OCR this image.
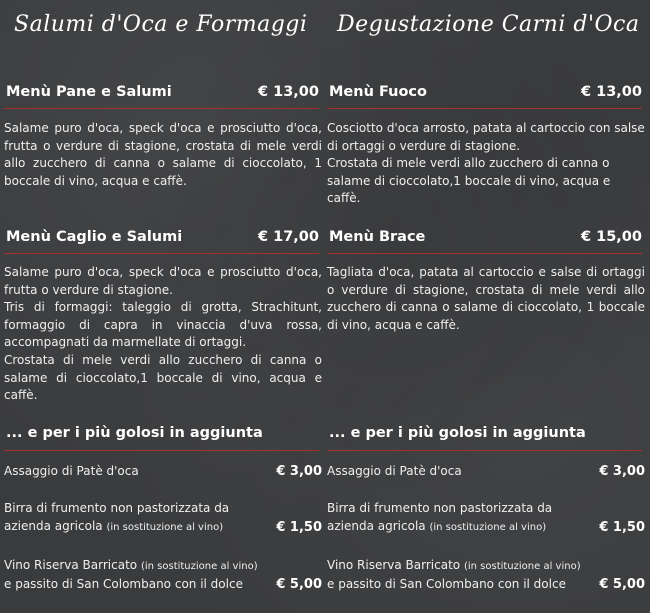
Salumi d'Oca e Formaggi
Menù Pane e Salumi	€ 13,00

Salame puro d'oca, speck d'oca e prosciutto d'oca, frutta o verdure di stagione, crostata di mele verdi allo zucchero di canna o salame di cioccolato, 1 boccale di vino, acqua e caffè.

Menù Caglio e Salumi	€ 17,00

Salame puro d'oca, speck d'oca e prosciutto d'oca, frutta o verdure di stagione.

Tris di formaggi: taleggio di grotta, Strachitunt, formaggio di capra in vinaccia d'uva rossa, accompagnati da marmellate di ortaggi.

Crostata di mele verdi allo zucchero di canna o salame di cioccolato,1 boccale di vino, acqua e caffè.

... e per i più golosi in aggiunta
Assaggio di Patè d'oca	€ 3,00
Birra di frumento non pastorizzata da
azienda agricola (in sostituzione al vino)	€ 1,50
Vino Riserva Barricato (in sostituzione al vino)
e passito di San Colombano con il dolce	€ 5,00
Degustazione Carni d'Oca
Menù Fuoco	€ 13,00

Cosciotto d'oca arrosto, patata al cartoccio con salse di ortaggi o verdure di stagione.

Crostata di mele verdi allo zucchero di canna o salame di cioccolato,1 boccale di vino, acqua e caffè.

Menù Brace	€ 15,00

Tagliata d'oca, patata al cartoccio e salse di ortaggi o verdure di stagione, crostata di mele verdi allo zucchero di canna o salame di cioccolato, 1 boccale di vino, acqua e caffè.

... e per i più golosi in aggiunta
Assaggio di Patè d'oca	€ 3,00
Birra di frumento non pastorizzata da
azienda agricola (in sostituzione al vino)	€ 1,50
Vino Riserva Barricato (in sostituzione al vino)
e passito di San Colombano con il dolce	€ 5,00
